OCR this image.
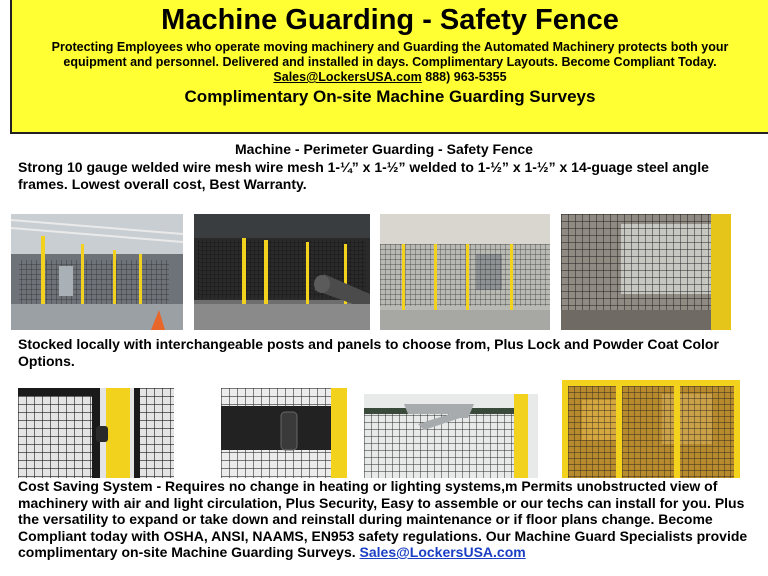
Machine Guarding - Safety Fence
Protecting Employees who operate moving machinery and Guarding the Automated Machinery protects both your equipment and personnel. Delivered and installed in days. Complimentary Layouts. Become Compliant Today.
Sales@LockersUSA.com 888) 963-5355
Complimentary On-site Machine Guarding Surveys
Machine - Perimeter Guarding - Safety Fence
Strong 10 gauge welded wire mesh wire mesh 1-¼” x 1-½” welded to 1-½” x 1-½” x 14-guage steel angle frames. Lowest overall cost, Best Warranty.
Stocked locally with interchangeable posts and panels to choose from, Plus Lock and Powder Coat Color Options.
Cost Saving System - Requires no change in heating or lighting systems,m Permits unobstructed view of machinery with air and light circulation, Plus Security, Easy to assemble or our techs can install for you. Plus the versatility to expand or take down and reinstall during maintenance or if floor plans change. Become Compliant today with OSHA, ANSI, NAAMS, EN953 safety regulations. Our Machine Guard Specialists provide complimentary on-site Machine Guarding Surveys. Sales@LockersUSA.com
